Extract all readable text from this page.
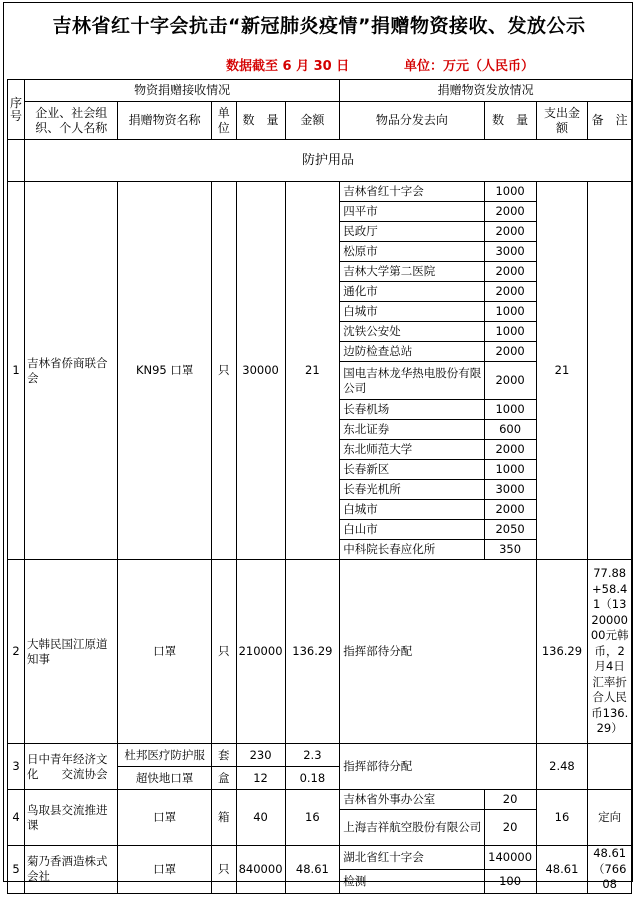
吉林省红十字会抗击“新冠肺炎疫情”捐赠物资接收、发放公示
数据截至 6 月 30 日	单位：万元（人民币）
序号	物资捐赠接收情况					捐赠物资发放情况			
	企业、社会组织、个人名称	捐赠物资名称	单位	数　量	金额	物品分发去向	数　量	支出金额	备　注
	防护用品								
1	吉林省侨商联合会	KN95 口罩	只	30000	21	吉林省红十字会	1000	21	
						四平市	2000		
						民政厅	2000		
						松原市	3000		
						吉林大学第二医院	2000		
						通化市	2000		
						白城市	1000		
						沈铁公安处	1000		
						边防检查总站	2000		
						国电吉林龙华热电股份有限公司	2000		
						长春机场	1000		
						东北证券	600		
						东北师范大学	2000		
						长春新区	1000		
						长春光机所	3000		
						白城市	2000		
						白山市	2050		
						中科院长春应化所	350		
2	大韩民国江原道知事	口罩	只	210000	136.29	指挥部待分配		136.29	77.88+58.41（132000000元韩币，2月4日汇率折合人民币136.29）
3	日中青年经济文化　　交流协会	杜邦医疗防护服	套	230	2.3	指挥部待分配		2.48	
		超快地口罩	盒	12	0.18				
4	鸟取县交流推进课	口罩	箱	40	16	吉林省外事办公室	20	16	定向
						上海吉祥航空股份有限公司	20		
5	菊乃香酒造株式会社	口罩	只	840000	48.61	湖北省红十字会	140000	48.61	48.61（76608
						检测	100		
